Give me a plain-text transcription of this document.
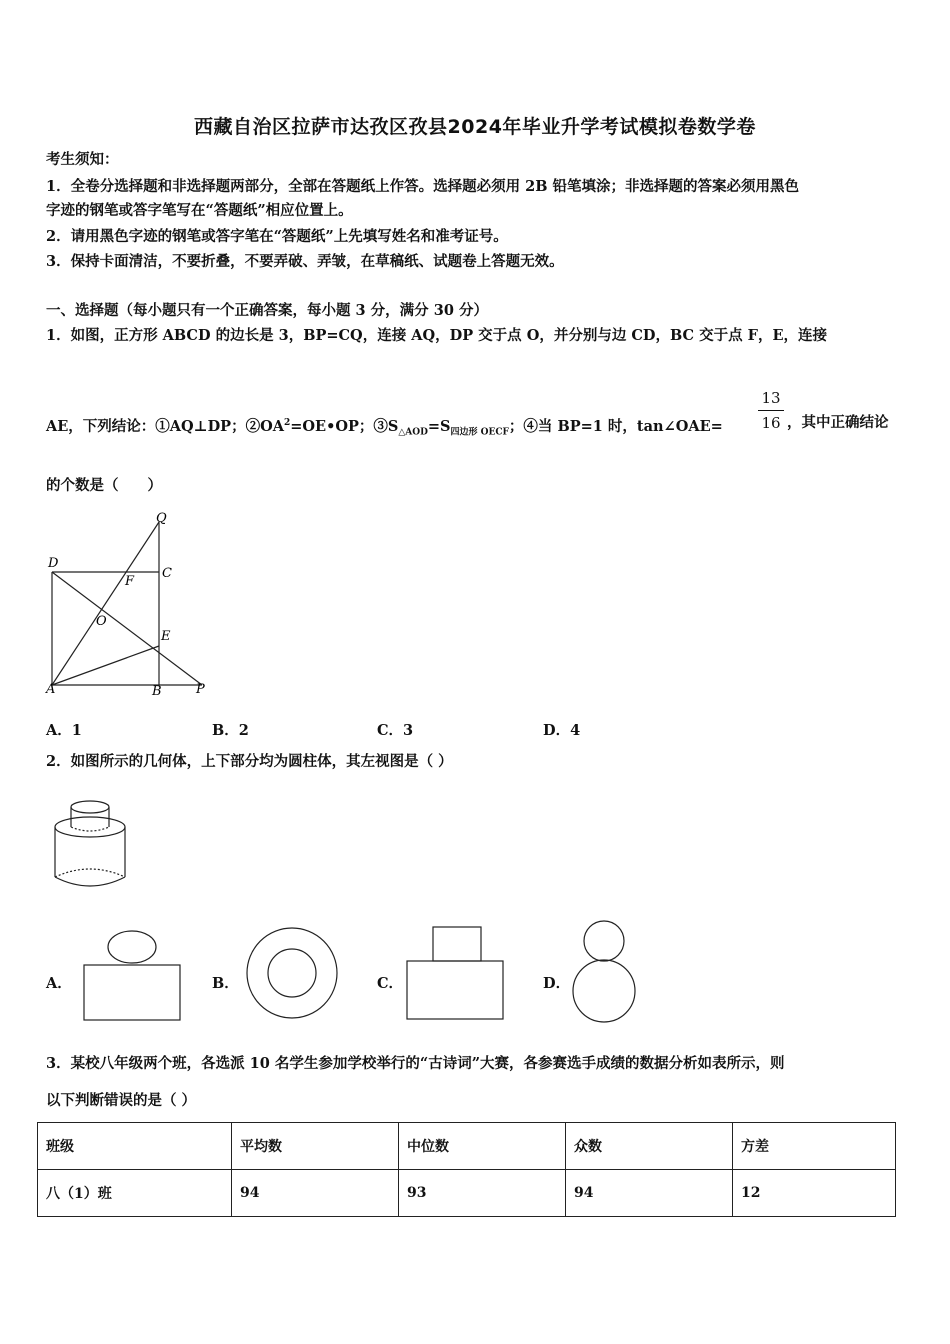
西藏自治区拉萨市达孜区孜县2024年毕业升学考试模拟卷数学卷
考生须知：
1．全卷分选择题和非选择题两部分，全部在答题纸上作答。选择题必须用 2B 铅笔填涂；非选择题的答案必须用黑色
字迹的钢笔或答字笔写在“答题纸”相应位置上。
2．请用黑色字迹的钢笔或答字笔在“答题纸”上先填写姓名和准考证号。
3．保持卡面清洁，不要折叠，不要弄破、弄皱，在草稿纸、试题卷上答题无效。
一、选择题（每小题只有一个正确答案，每小题 3 分，满分 30 分）
1．如图，正方形 ABCD 的边长是 3，BP=CQ，连接 AQ，DP 交于点 O，并分别与边 CD，BC 交于点 F，E，连接
AE，下列结论：①AQ⊥DP；$②OA^2=OE•OP$；$③S_{\triangle AOD}=S_{四边形 OECF}$；④当 BP=1 时，tan∠OAE=
13
16 ，其中正确结论
的个数是（　　）
Q
D
C
F
O
E
A	B	P
A．1	B．2	C．3	D．4
2．如图所示的几何体，上下部分均为圆柱体，其左视图是（ ）
A．	B．	C．	D．
3．某校八年级两个班，各选派 10 名学生参加学校举行的“古诗词”大赛，各参赛选手成绩的数据分析如表所示，则
以下判断错误的是（ ）
班级	平均数	中位数	众数	方差
八（1）班	94	93	94	12
